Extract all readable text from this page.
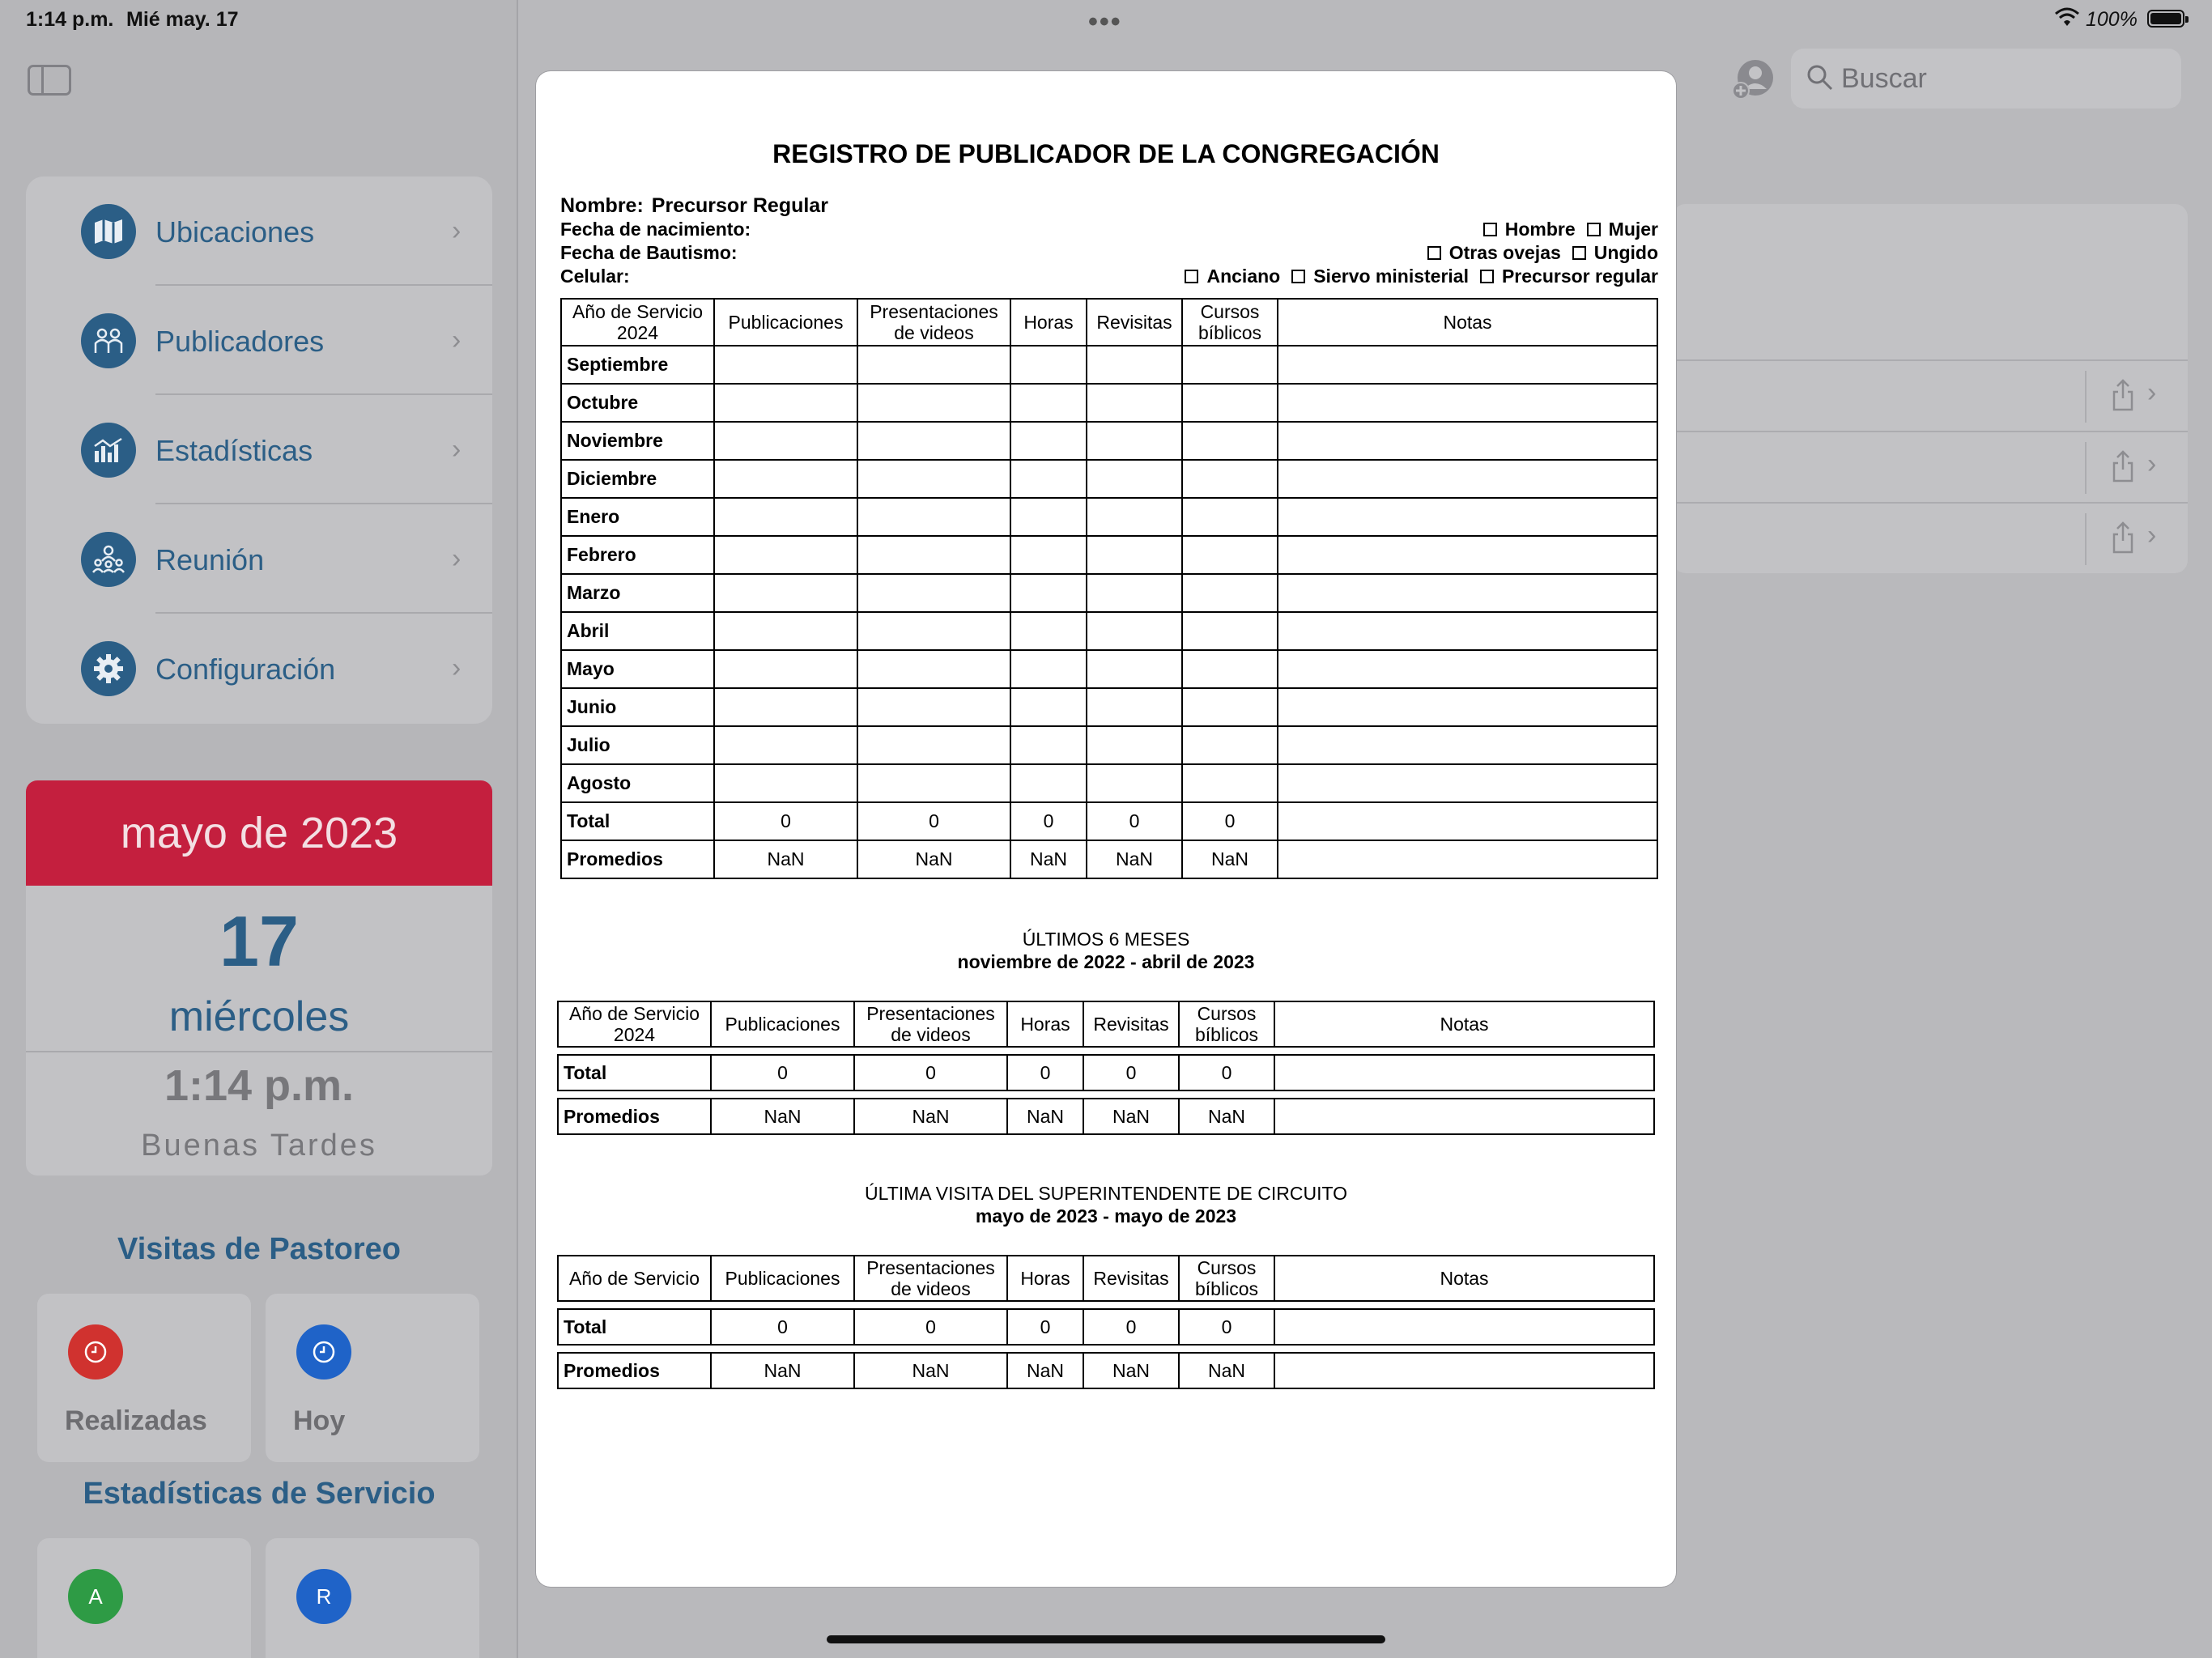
Ubicaciones	›
Publicadores	›
Estadísticas	›
Reunión	›
Configuración	›
mayo de 2023
17
miércoles
1:14 p.m.
Buenas Tardes
Visitas de Pastoreo
Realizadas	Hoy
Estadísticas de Servicio
A	R
Buscar
›
›
›
1:14 p.m. Mié may. 17	•••	100%
REGISTRO DE PUBLICADOR DE LA CONGREGACIÓN
Nombre: Precursor Regular
Fecha de nacimiento:
Fecha de Bautismo:
Celular:
Hombre Mujer
Otras ovejas Ungido
Anciano Siervo ministerial Precursor regular
Año de Servicio 2024	Publicaciones	Presentaciones de videos	Horas	Revisitas	Cursos bíblicos	Notas
Septiembre						
Octubre						
Noviembre						
Diciembre						
Enero						
Febrero						
Marzo						
Abril						
Mayo						
Junio						
Julio						
Agosto						
Total	0	0	0	0	0	
Promedios	NaN	NaN	NaN	NaN	NaN	
ÚLTIMOS 6 MESES
noviembre de 2022 - abril de 2023
Año de Servicio 2024	Publicaciones	Presentaciones de videos	Horas	Revisitas	Cursos bíblicos	Notas
Total	0	0	0	0	0	
Promedios	NaN	NaN	NaN	NaN	NaN	
ÚLTIMA VISITA DEL SUPERINTENDENTE DE CIRCUITO
mayo de 2023 - mayo de 2023
Año de Servicio	Publicaciones	Presentaciones de videos	Horas	Revisitas	Cursos bíblicos	Notas
Total	0	0	0	0	0	
Promedios	NaN	NaN	NaN	NaN	NaN	
